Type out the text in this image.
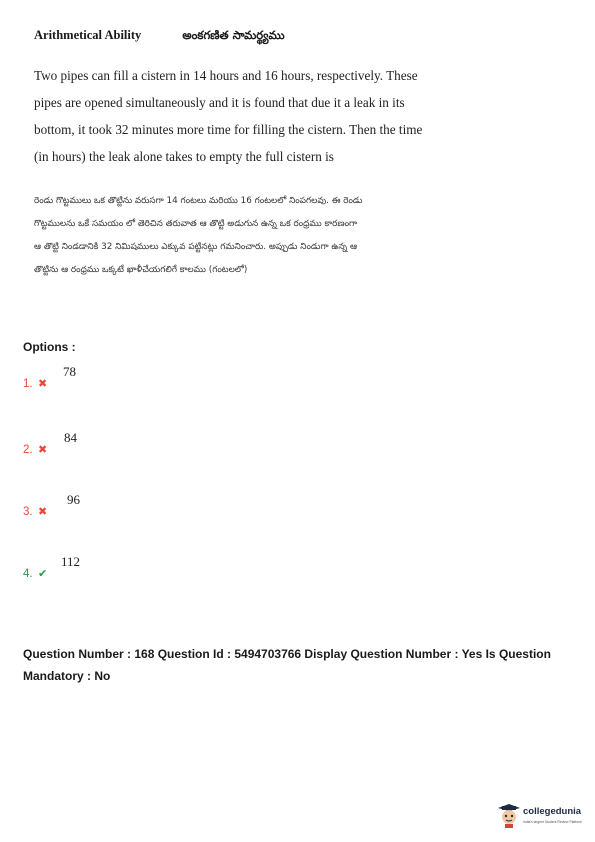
Arithmetical Ability	అంకగణిత సామర్థ్యము
Two pipes can fill a cistern in 14 hours and 16 hours, respectively. These pipes are opened simultaneously and it is found that due it a leak in its bottom, it took 32 minutes more time for filling the cistern. Then the time (in hours) the leak alone takes to empty the full cistern is
రెండు గొట్టములు ఒక తొట్టిను వరుసగా 14 గంటలు మరియు 16 గంటలలో నింపగలవు. ఈ రెండు
గొట్టములను ఒకే సమయం లో తెరిచిన తరువాత ఆ తొట్టి అడుగున ఉన్న ఒక రంధ్రము కారణంగా
ఆ తొట్టి నిండడానికి 32 నిమిషములు ఎక్కువ పట్టినట్లు గమనించారు. అప్పుడు నిండుగా ఉన్న ఆ
తొట్టిను ఆ రంధ్రము ఒక్కటే ఖాళీచేయగలిగే కాలము (గంటలలో)
Options :
1. ✖
78
2. ✖
84
3. ✖
96
4. ✔
112
Question Number : 168 Question Id : 5494703766 Display Question Number : Yes Is Question Mandatory : No
collegedunia
India's largest Student Review Platform
